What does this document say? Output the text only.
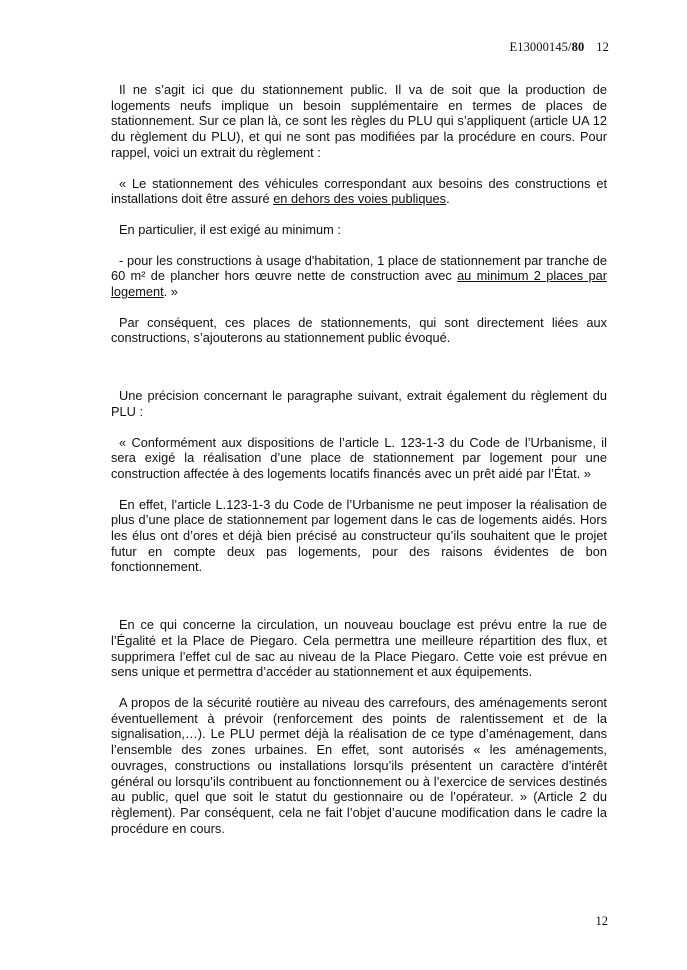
E13000145/80 12

Il ne s’agit ici que du stationnement public. Il va de soit que la production de logements neufs implique un besoin supplémentaire en termes de places de stationnement. Sur ce plan là, ce sont les règles du PLU qui s’appliquent (article UA 12 du règlement du PLU), et qui ne sont pas modifiées par la procédure en cours. Pour rappel, voici un extrait du règlement :

« Le stationnement des véhicules correspondant aux besoins des constructions et installations doit être assuré en dehors des voies publiques.

En particulier, il est exigé au minimum :

- pour les constructions à usage d'habitation, 1 place de stationnement par tranche de 60 m² de plancher hors œuvre nette de construction avec au minimum 2 places par logement. »

Par conséquent, ces places de stationnements, qui sont directement liées aux constructions, s’ajouterons au stationnement public évoqué.

Une précision concernant le paragraphe suivant, extrait également du règlement du PLU :

« Conformément aux dispositions de l’article L. 123-1-3 du Code de l’Urbanisme, il sera exigé la réalisation d’une place de stationnement par logement pour une construction affectée à des logements locatifs financés avec un prêt aidé par l’État. »

En effet, l’article L.123-1-3 du Code de l’Urbanisme ne peut imposer la réalisation de plus d’une place de stationnement par logement dans le cas de logements aidés. Hors les élus ont d’ores et déjà bien précisé au constructeur qu’ils souhaitent que le projet futur en compte deux pas logements, pour des raisons évidentes de bon fonctionnement.

En ce qui concerne la circulation, un nouveau bouclage est prévu entre la rue de l’Égalité et la Place de Piegaro. Cela permettra une meilleure répartition des flux, et supprimera l’effet cul de sac au niveau de la Place Piegaro. Cette voie est prévue en sens unique et permettra d’accéder au stationnement et aux équipements.

A propos de la sécurité routière au niveau des carrefours, des aménagements seront éventuellement à prévoir (renforcement des points de ralentissement et de la signalisation,…). Le PLU permet déjà la réalisation de ce type d’aménagement, dans l’ensemble des zones urbaines. En effet, sont autorisés « les aménagements, ouvrages, constructions ou installations lorsqu’ils présentent un caractère d’intérêt général ou lorsqu’ils contribuent au fonctionnement ou à l’exercice de services destinés au public, quel que soit le statut du gestionnaire ou de l’opérateur. » (Article 2 du règlement). Par conséquent, cela ne fait l’objet d’aucune modification dans le cadre la procédure en cours.

12
